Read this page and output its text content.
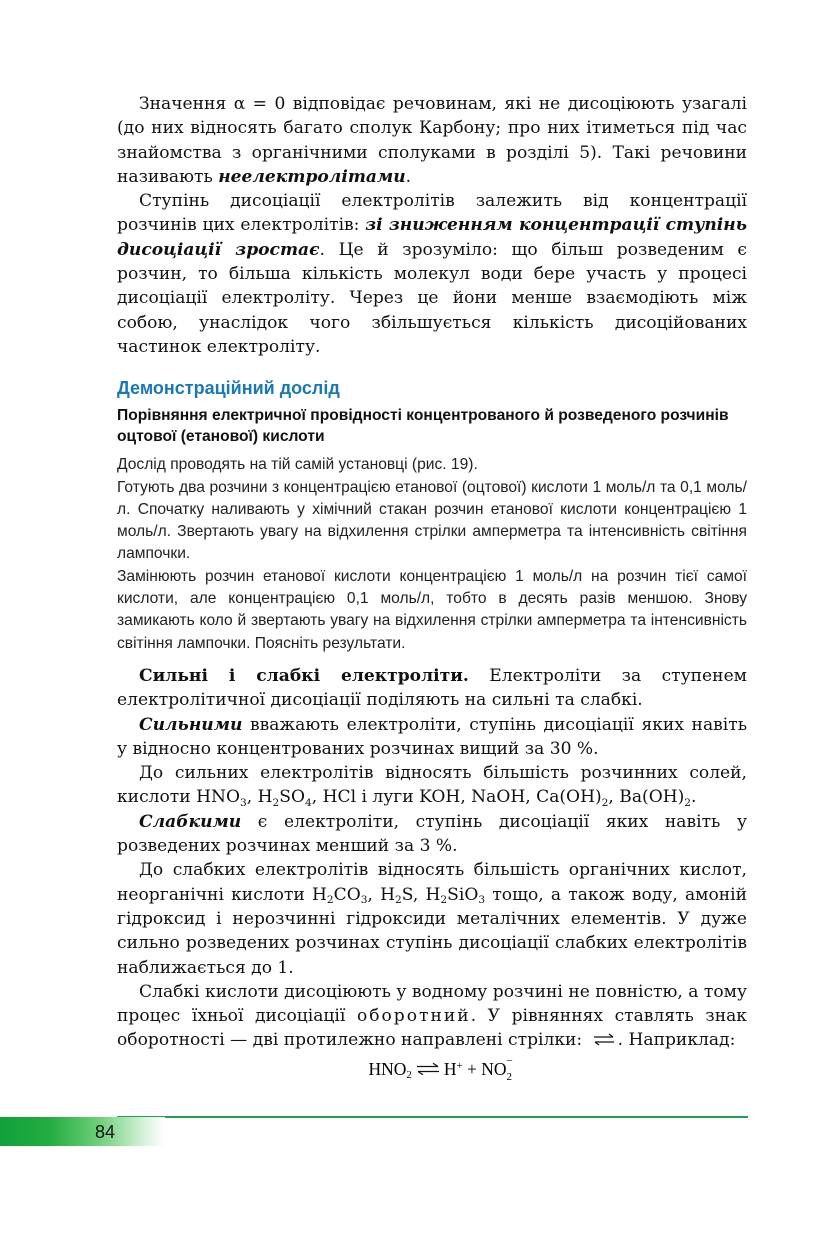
Значення α = 0 відповідає речовинам, які не дисоціюють узагалі (до них відносять багато сполук Карбону; про них ітиметься під час знайомства з органічними сполуками в розділі 5). Такі речовини називають неелектролітами.

Ступінь дисоціації електролітів залежить від концентрації розчинів цих електролітів: зі зниженням концентрації ступінь дисоціації зростає. Це й зрозуміло: що більш розведеним є розчин, то більша кількість молекул води бере участь у процесі дисоціації електроліту. Через це йони менше взаємодіють між собою, унаслідок чого збільшується кількість дисоційованих частинок електроліту.

Демонстраційний дослід
Порівняння електричної провідності концентрованого й розведеного розчинів оцтової (етанової) кислоти

Дослід проводять на тій самій установці (рис. 19).

Готують два розчини з концентрацією етанової (оцтової) кислоти 1 моль/л та 0,1 моль/л. Спочатку наливають у хімічний стакан розчин етанової кислоти концентрацією 1 моль/л. Звертають увагу на відхилення стрілки амперметра та інтенсивність світіння лампочки.

Замінюють розчин етанової кислоти концентрацією 1 моль/л на розчин тієї самої кислоти, але концентрацією 0,1 моль/л, тобто в десять разів меншою. Знову замикають коло й звертають увагу на відхилення стрілки амперметра та інтенсивність світіння лампочки. Поясніть результати.

Сильні і слабкі електроліти. Електроліти за ступенем електролітичної дисоціації поділяють на сильні та слабкі.

Сильними вважають електроліти, ступінь дисоціації яких навіть у відносно концентрованих розчинах вищий за 30 %.

До сильних електролітів відносять більшість розчинних солей, кислоти $HNO_3$, $H_2SO_4$, HCl і луги KOH, NaOH, $Ca(OH)_2$, $Ba(OH)_2$.

Слабкими є електроліти, ступінь дисоціації яких навіть у розведених розчинах менший за 3 %.

До слабких електролітів відносять більшість органічних кислот, неорганічні кислоти $H_2CO_3$, $H_2S$, $H_2SiO_3$ тощо, а також воду, амоній гідроксид і нерозчинні гідроксиди металічних елементів. У дуже сильно розведених розчинах ступінь дисоціації слабких електролітів наближається до 1.

Слабкі кислоти дисоціюють у водному розчині не повністю, а тому процес їхньої дисоціації оборотний. У рівняннях ставлять знак оборотності — дві протилежно направлені стрілки: ⇌ . Наприклад:

$HNO_2$ ⇌ H+ + NO −
2
84
